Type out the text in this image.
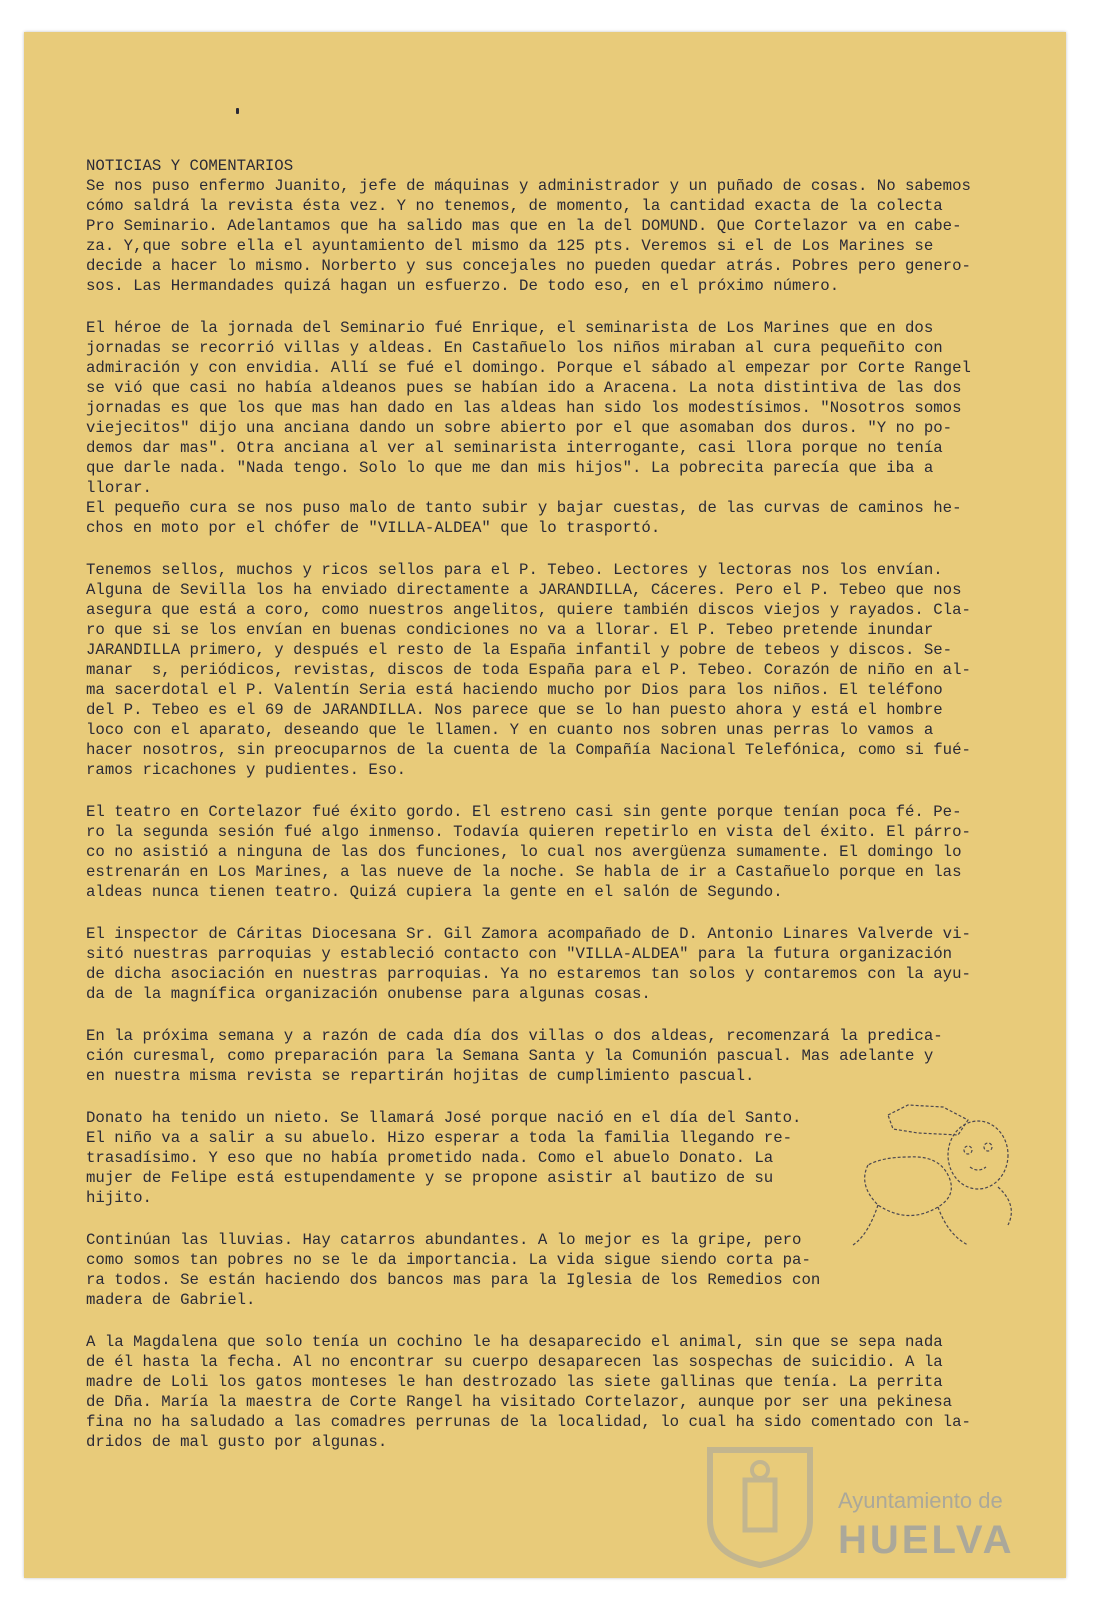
NOTICIAS Y COMENTARIOS
Se nos puso enfermo Juanito, jefe de máquinas y administrador y un puñado de cosas. No sabemos
cómo saldrá la revista ésta vez. Y no tenemos, de momento, la cantidad exacta de la colecta
Pro Seminario. Adelantamos que ha salido mas que en la del DOMUND. Que Cortelazor va en cabe-
za. Y,que sobre ella el ayuntamiento del mismo da 125 pts. Veremos si el de Los Marines se
decide a hacer lo mismo. Norberto y sus concejales no pueden quedar atrás. Pobres pero genero-
sos. Las Hermandades quizá hagan un esfuerzo. De todo eso, en el próximo número.
El héroe de la jornada del Seminario fué Enrique, el seminarista de Los Marines que en dos
jornadas se recorrió villas y aldeas. En Castañuelo los niños miraban al cura pequeñito con
admiración y con envidia. Allí se fué el domingo. Porque el sábado al empezar por Corte Rangel
se vió que casi no había aldeanos pues se habían ido a Aracena. La nota distintiva de las dos
jornadas es que los que mas han dado en las aldeas han sido los modestísimos. "Nosotros somos
viejecitos" dijo una anciana dando un sobre abierto por el que asomaban dos duros. "Y no po-
demos dar mas". Otra anciana al ver al seminarista interrogante, casi llora porque no tenía
que darle nada. "Nada tengo. Solo lo que me dan mis hijos". La pobrecita parecía que iba a
llorar.
El pequeño cura se nos puso malo de tanto subir y bajar cuestas, de las curvas de caminos he-
chos en moto por el chófer de "VILLA-ALDEA" que lo trasportó.
Tenemos sellos, muchos y ricos sellos para el P. Tebeo. Lectores y lectoras nos los envían.
Alguna de Sevilla los ha enviado directamente a JARANDILLA, Cáceres. Pero el P. Tebeo que nos
asegura que está a coro, como nuestros angelitos, quiere también discos viejos y rayados. Cla-
ro que si se los envían en buenas condiciones no va a llorar. El P. Tebeo pretende inundar
JARANDILLA primero, y después el resto de la España infantil y pobre de tebeos y discos. Se-
manar  s, periódicos, revistas, discos de toda España para el P. Tebeo. Corazón de niño en al-
ma sacerdotal el P. Valentín Seria está haciendo mucho por Dios para los niños. El teléfono
del P. Tebeo es el 69 de JARANDILLA. Nos parece que se lo han puesto ahora y está el hombre
loco con el aparato, deseando que le llamen. Y en cuanto nos sobren unas perras lo vamos a
hacer nosotros, sin preocuparnos de la cuenta de la Compañía Nacional Telefónica, como si fué-
ramos ricachones y pudientes. Eso.
El teatro en Cortelazor fué éxito gordo. El estreno casi sin gente porque tenían poca fé. Pe-
ro la segunda sesión fué algo inmenso. Todavía quieren repetirlo en vista del éxito. El párro-
co no asistió a ninguna de las dos funciones, lo cual nos avergüenza sumamente. El domingo lo
estrenarán en Los Marines, a las nueve de la noche. Se habla de ir a Castañuelo porque en las
aldeas nunca tienen teatro. Quizá cupiera la gente en el salón de Segundo.
El inspector de Cáritas Diocesana Sr. Gil Zamora acompañado de D. Antonio Linares Valverde vi-
sitó nuestras parroquias y estableció contacto con "VILLA-ALDEA" para la futura organización
de dicha asociación en nuestras parroquias. Ya no estaremos tan solos y contaremos con la ayu-
da de la magnífica organización onubense para algunas cosas.
En la próxima semana y a razón de cada día dos villas o dos aldeas, recomenzará la predica-
ción curesmal, como preparación para la Semana Santa y la Comunión pascual. Mas adelante y
en nuestra misma revista se repartirán hojitas de cumplimiento pascual.
Donato ha tenido un nieto. Se llamará José porque nació en el día del Santo.
El niño va a salir a su abuelo. Hizo esperar a toda la familia llegando re-
trasadísimo. Y eso que no había prometido nada. Como el abuelo Donato. La
mujer de Felipe está estupendamente y se propone asistir al bautizo de su
hijito.
Continúan las lluvias. Hay catarros abundantes. A lo mejor es la gripe, pero
como somos tan pobres no se le da importancia. La vida sigue siendo corta pa-
ra todos. Se están haciendo dos bancos mas para la Iglesia de los Remedios con
madera de Gabriel.
A la Magdalena que solo tenía un cochino le ha desaparecido el animal, sin que se sepa nada
de él hasta la fecha. Al no encontrar su cuerpo desaparecen las sospechas de suicidio. A la
madre de Loli los gatos monteses le han destrozado las siete gallinas que tenía. La perrita
de Dña. María la maestra de Corte Rangel ha visitado Cortelazor, aunque por ser una pekinesa
fina no ha saludado a las comadres perrunas de la localidad, lo cual ha sido comentado con la-
dridos de mal gusto por algunas.
Ayuntamiento de
HUELVA
